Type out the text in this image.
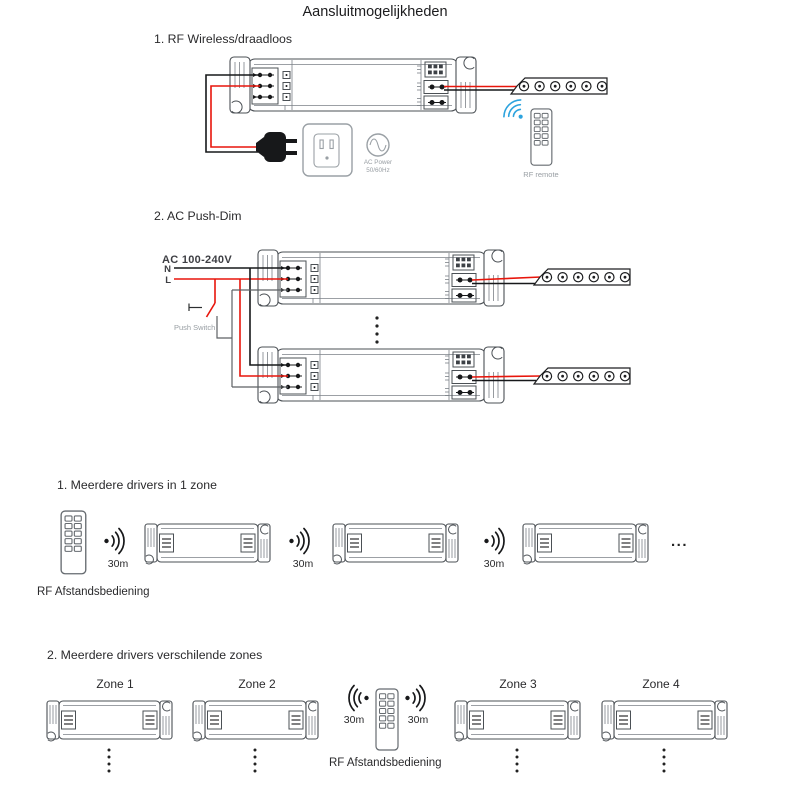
Aansluitmogelijkheden
1. RF Wireless/draadloos
AC Power
50/60Hz	RF remote
2. AC Push-Dim
AC 100-240V
N
L
Push Switch
1. Meerdere drivers in 1 zone
RF Afstandsbediening
30m	30m	30m
...
2. Meerdere drivers verschilende zones
Zone 1	Zone 2	Zone 3	Zone 4
30m	30m
RF Afstandsbediening
